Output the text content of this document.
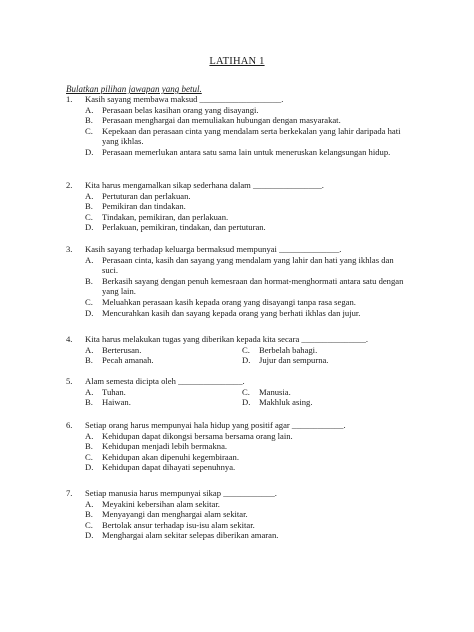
LATIHAN 1
Bulatkan pilihan jawapan yang betul.
1.	Kasih sayang membawa maksud ___________________.
A.	Perasaan belas kasihan orang yang disayangi.
B.	Perasaan menghargai dan memuliakan hubungan dengan masyarakat.
C.	Kepekaan dan perasaan cinta yang mendalam serta berkekalan yang lahir daripada hati yang ikhlas.
D.	Perasaan memerlukan antara satu sama lain untuk meneruskan kelangsungan hidup.
2.	Kita harus mengamalkan sikap sederhana dalam ________________.
A.	Pertuturan dan perlakuan.
B.	Pemikiran dan tindakan.
C.	Tindakan, pemikiran, dan perlakuan.
D.	Perlakuan, pemikiran, tindakan, dan pertuturan.
3.	Kasih sayang terhadap keluarga bermaksud mempunyai ______________.
A.	Perasaan cinta, kasih dan sayang yang mendalam yang lahir dan hati yang ikhlas dan suci.
B.	Berkasih sayang dengan penuh kemesraan dan hormat-menghormati antara satu dengan yang lain.
C.	Meluahkan perasaan kasih kepada orang yang disayangi tanpa rasa segan.
D.	Mencurahkan kasih dan sayang kepada orang yang berhati ikhlas dan jujur.
4.	Kita harus melakukan tugas yang diberikan kepada kita secara _______________.
A.	Berterusan.	C.	Berbelah bahagi.
B.	Pecah amanah.	D.	Jujur dan sempurna.
5.	Alam semesta dicipta oleh _______________.
A.	Tuhan.	C.	Manusia.
B.	Haiwan.	D.	Makhluk asing.
6.	Setiap orang harus mempunyai hala hidup yang positif agar ____________.
A.	Kehidupan dapat dikongsi bersama bersama orang lain.
B.	Kehidupan menjadi lebih bermakna.
C.	Kehidupan akan dipenuhi kegembiraan.
D.	Kehidupan dapat dihayati sepenuhnya.
7.	Setiap manusia harus mempunyai sikap ____________.
A.	Meyakini kebersihan alam sekitar.
B.	Menyayangi dan menghargai alam sekitar.
C.	Bertolak ansur terhadap isu-isu alam sekitar.
D.	Menghargai alam sekitar selepas diberikan amaran.
